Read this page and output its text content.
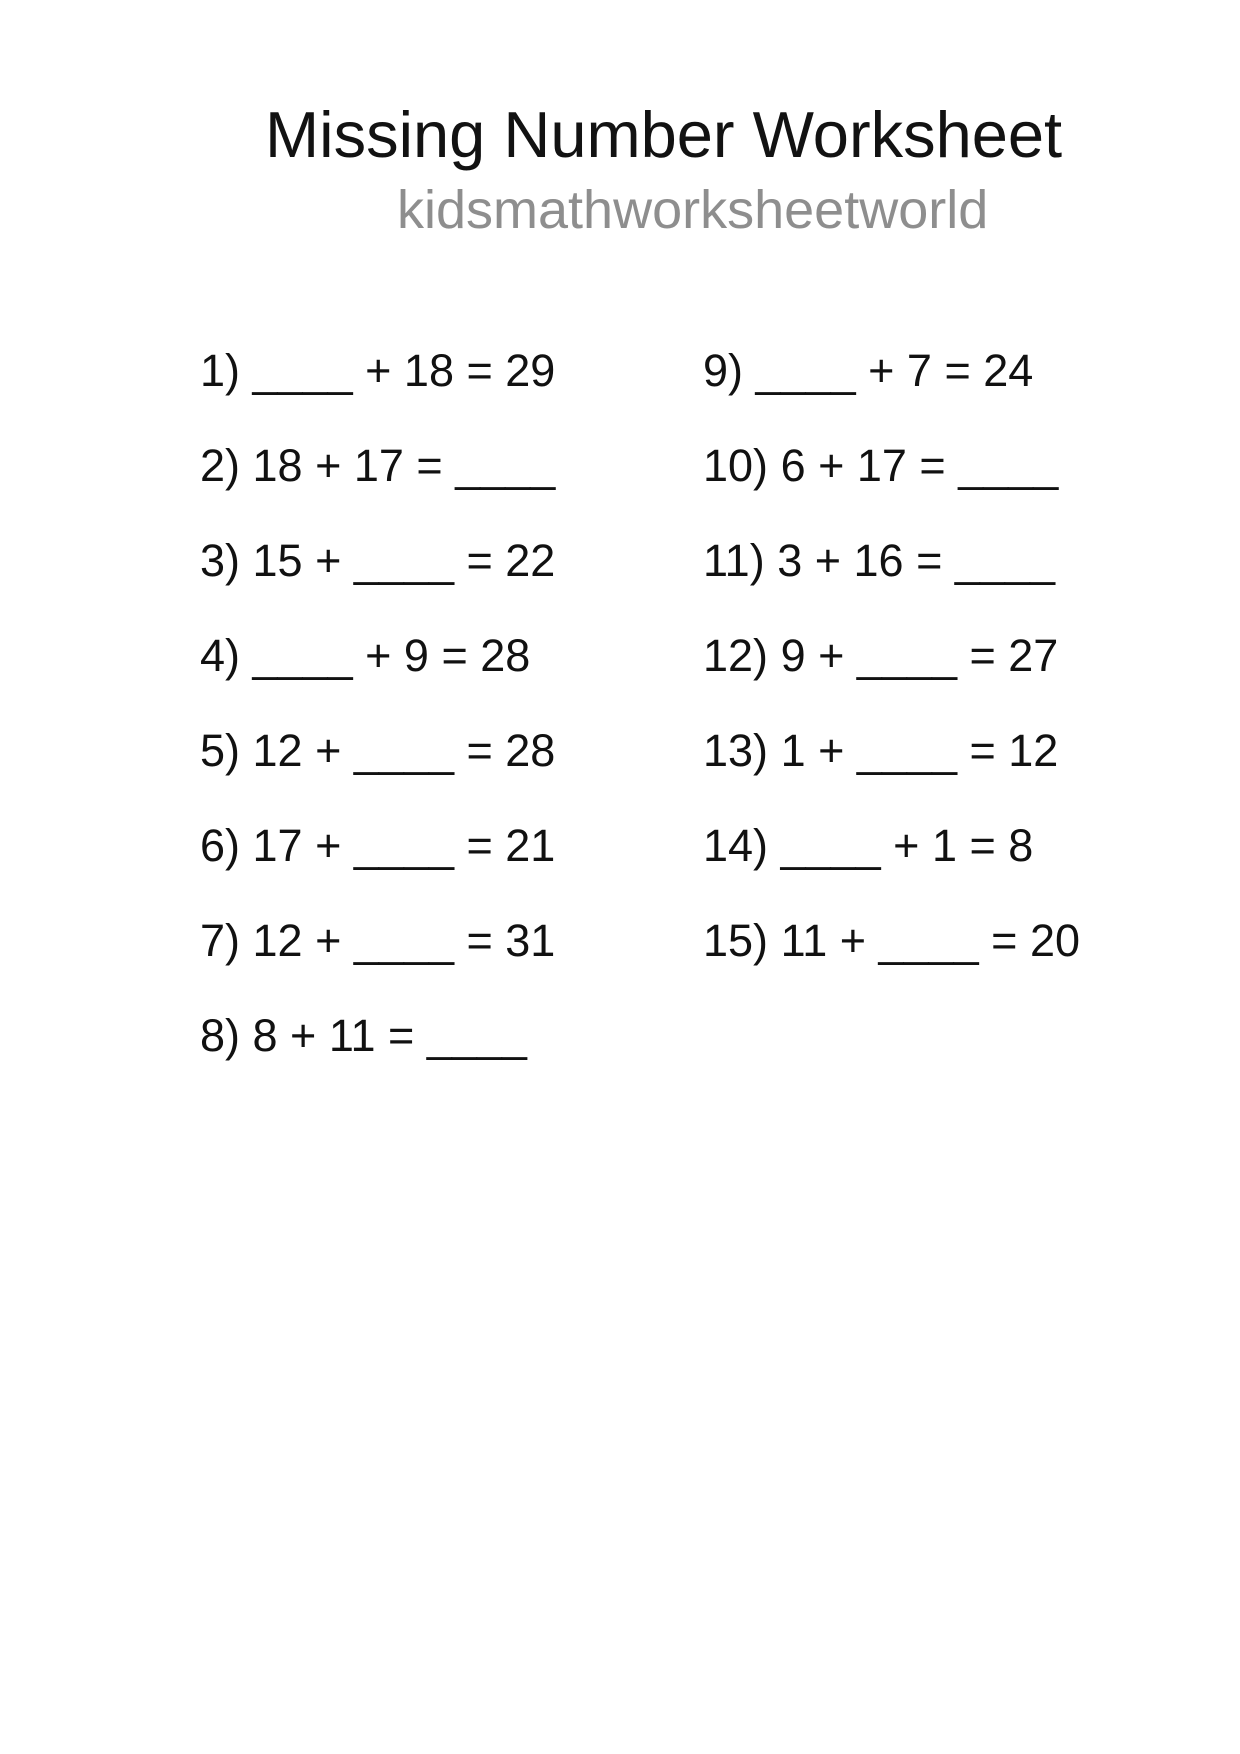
Missing Number Worksheet
kidsmathworksheetworld
1) ____ + 18 = 29
2) 18 + 17 = ____
3) 15 + ____ = 22
4) ____ + 9 = 28
5) 12 + ____ = 28
6) 17 + ____ = 21
7) 12 + ____ = 31
8) 8 + 11 = ____
9) ____ + 7 = 24
10) 6 + 17 = ____
11) 3 + 16 = ____
12) 9 + ____ = 27
13) 1 + ____ = 12
14) ____ + 1 = 8
15) 11 + ____ = 20
